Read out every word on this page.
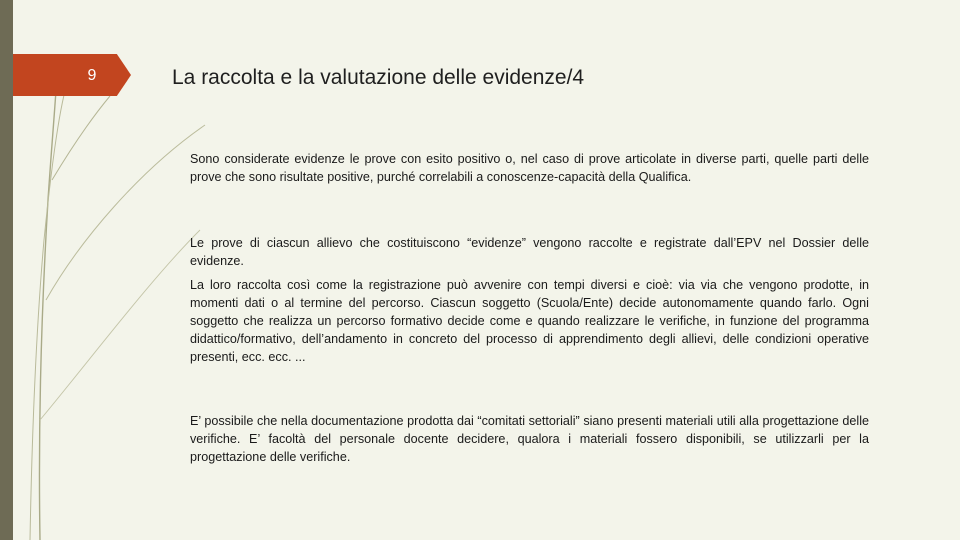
9	La raccolta e la valutazione delle evidenze/4

Sono considerate evidenze le prove con esito positivo o, nel caso di prove articolate in diverse parti, quelle parti delle prove che sono risultate positive, purché correlabili a conoscenze-capacità della Qualifica.

Le prove di ciascun allievo che costituiscono “evidenze” vengono raccolte e registrate dall’EPV nel Dossier delle evidenze.

La loro raccolta così come la registrazione può avvenire con tempi diversi e cioè: via via che vengono prodotte, in momenti dati o al termine del percorso. Ciascun soggetto (Scuola/Ente) decide autonomamente quando farlo. Ogni soggetto che realizza un percorso formativo decide come e quando realizzare le verifiche, in funzione del programma didattico/formativo, dell’andamento in concreto del processo di apprendimento degli allievi, delle condizioni operative presenti, ecc. ecc. ...

E’ possibile che nella documentazione prodotta dai “comitati settoriali” siano presenti materiali utili alla progettazione delle verifiche. E’ facoltà del personale docente decidere, qualora i materiali fossero disponibili, se utilizzarli per la progettazione delle verifiche.
